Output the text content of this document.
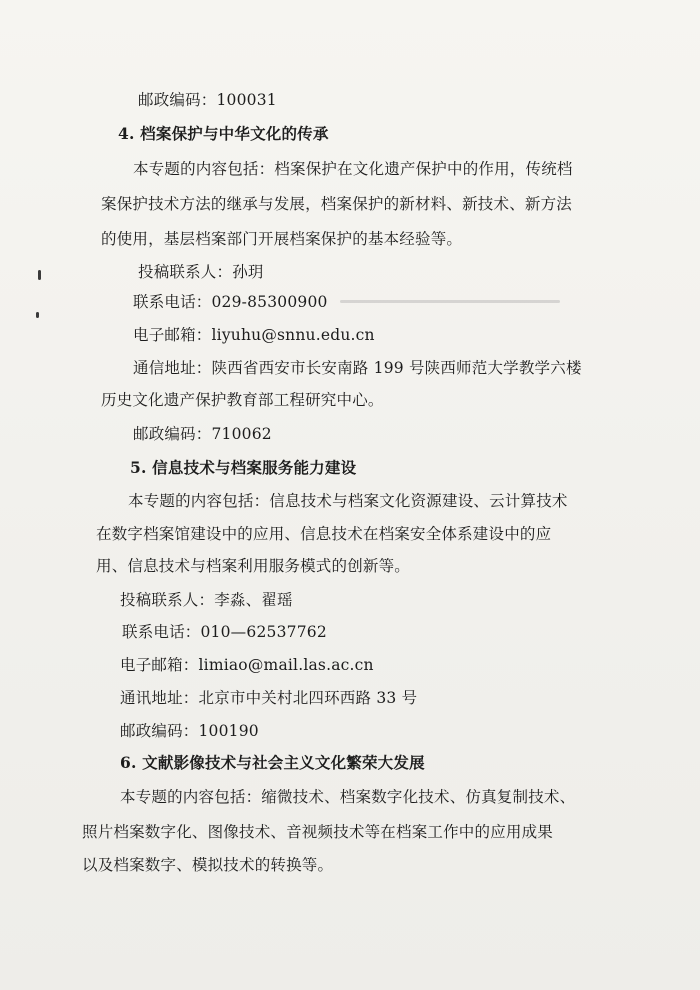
邮政编码：100031
4. 档案保护与中华文化的传承
本专题的内容包括：档案保护在文化遗产保护中的作用，传统档
案保护技术方法的继承与发展，档案保护的新材料、新技术、新方法
的使用，基层档案部门开展档案保护的基本经验等。
投稿联系人：孙玥
联系电话：029-85300900
电子邮箱：liyuhu@snnu.edu.cn
通信地址：陕西省西安市长安南路 199 号陕西师范大学教学六楼
历史文化遗产保护教育部工程研究中心。
邮政编码：710062
5. 信息技术与档案服务能力建设
本专题的内容包括：信息技术与档案文化资源建设、云计算技术
在数字档案馆建设中的应用、信息技术在档案安全体系建设中的应
用、信息技术与档案利用服务模式的创新等。
投稿联系人：李淼、翟瑶
联系电话：010—62537762
电子邮箱：limiao@mail.las.ac.cn
通讯地址：北京市中关村北四环西路 33 号
邮政编码：100190
6. 文献影像技术与社会主义文化繁荣大发展
本专题的内容包括：缩微技术、档案数字化技术、仿真复制技术、
照片档案数字化、图像技术、音视频技术等在档案工作中的应用成果
以及档案数字、模拟技术的转换等。
